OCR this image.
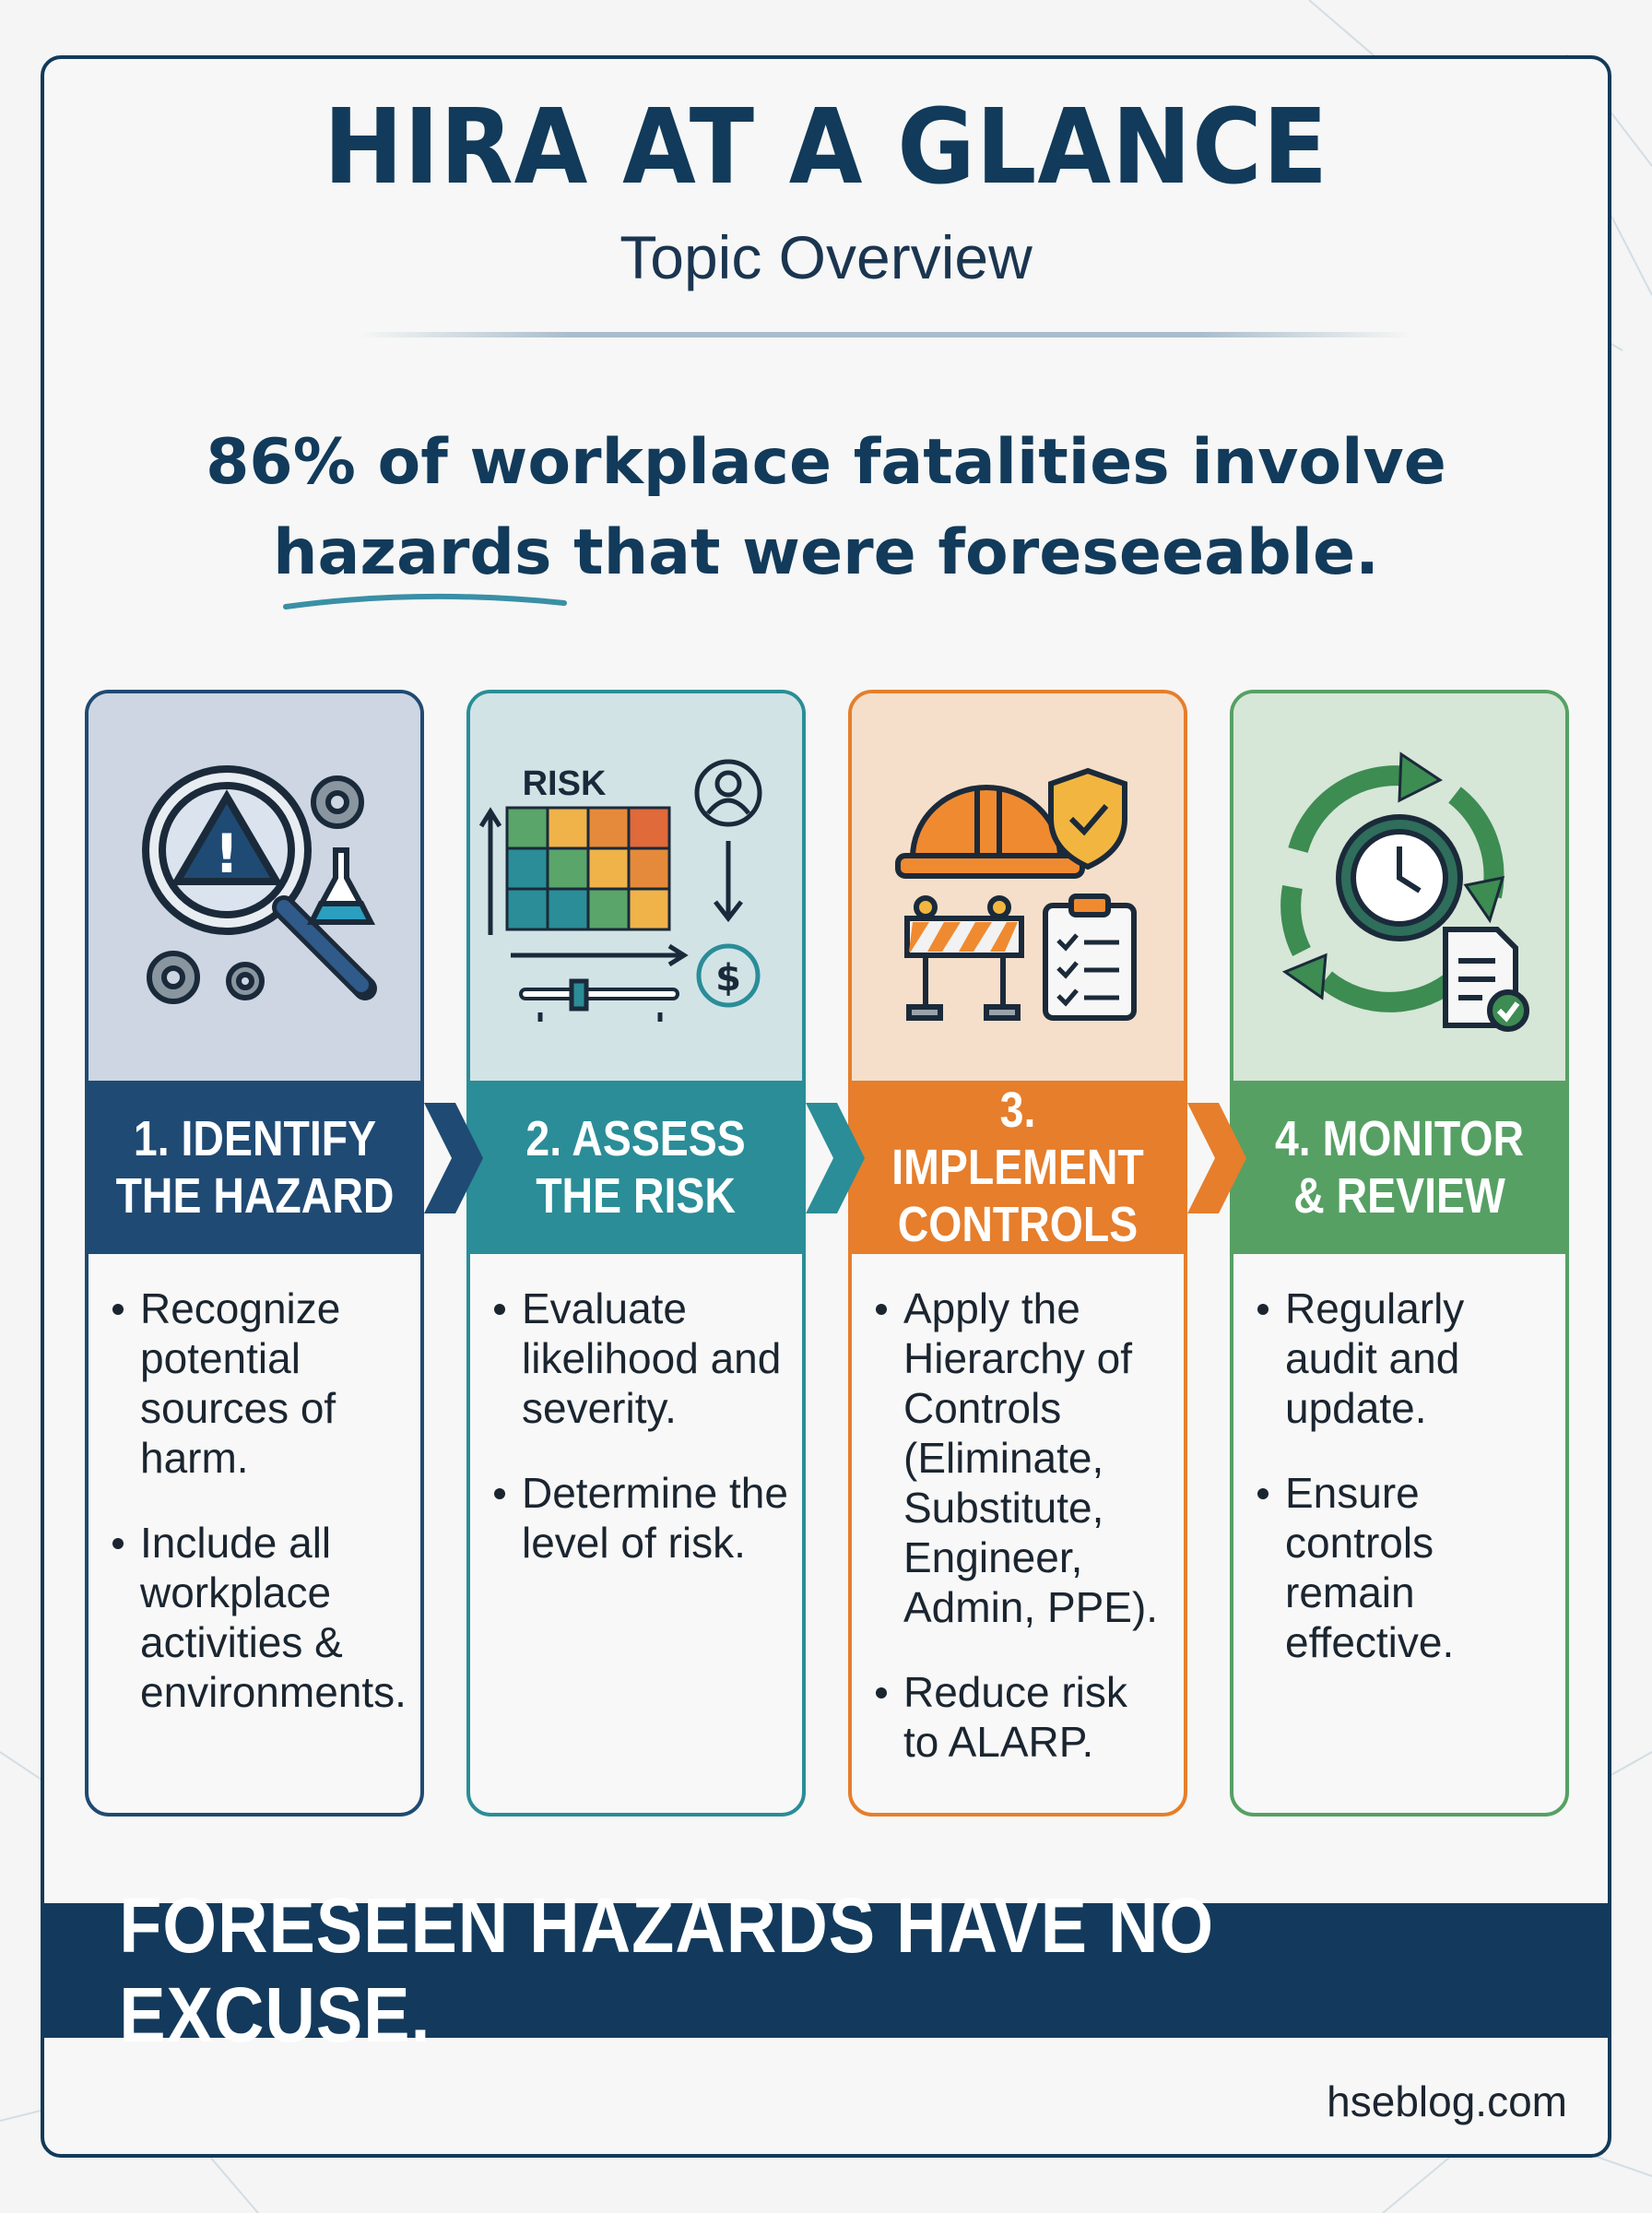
HIRA AT A GLANCE
Topic Overview
86% of workplace fatalities involve
hazards that were foreseeable.
!
1. IDENTIFY
THE HAZARD
Recognize potential sources of harm.
Include all workplace activities & environments.
RISK
$
2. ASSESS
THE RISK
Evaluate likelihood and severity.
Determine the level of risk.
3. IMPLEMENT
CONTROLS
Apply the Hierarchy of Controls (Eliminate, Substitute, Engineer, Admin, PPE).
Reduce risk to ALARP.
4. MONITOR
& REVIEW
Regularly audit and update.
Ensure controls remain effective.
FORESEEN HAZARDS HAVE NO EXCUSE.
hseblog.com
